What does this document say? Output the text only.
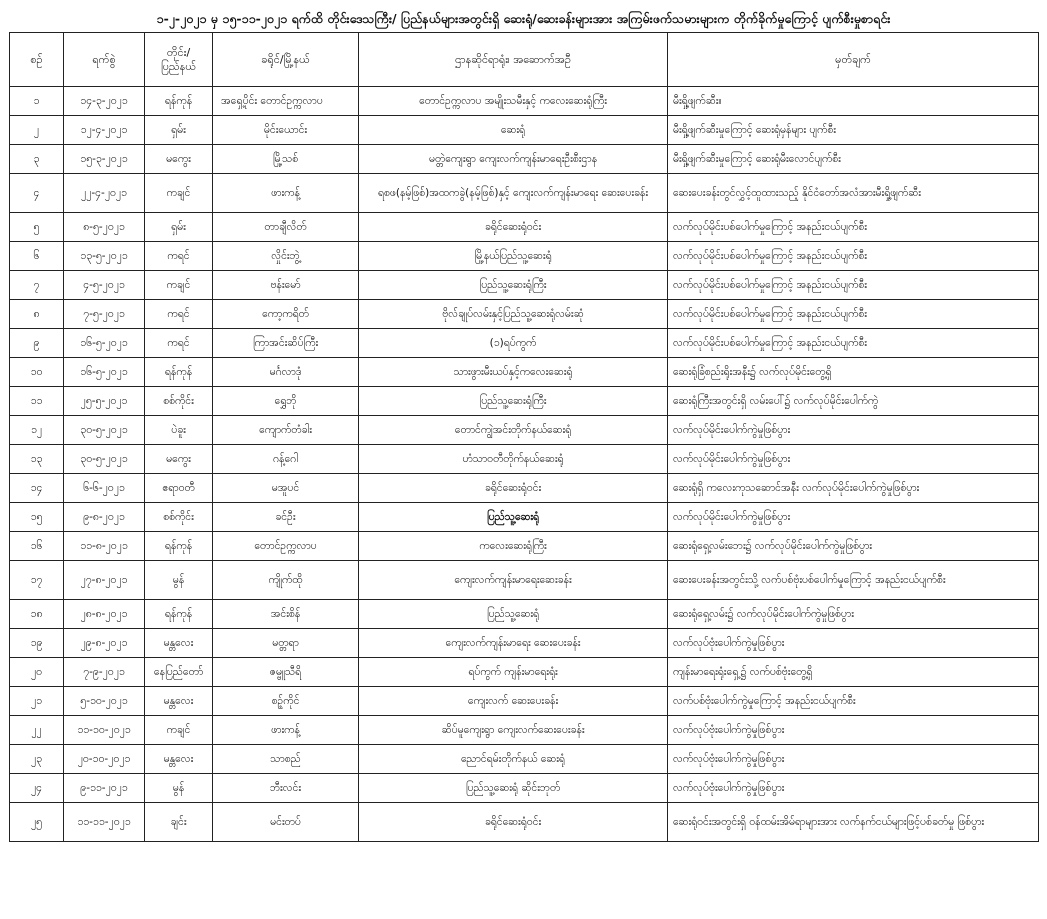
၁-၂-၂၀၂၁ မှ ၁၅-၁၁-၂၀၂၁ ရက်ထိ တိုင်းဒေသကြီး/ ပြည်နယ်များအတွင်းရှိ ဆေးရုံ/ဆေးခန်းများအား အကြမ်းဖက်သမားများက တိုက်ခိုက်မှုကြောင့် ပျက်စီးမှုစာရင်း
စဉ်	ရက်စွဲ	တိုင်း/ ပြည်နယ်	ခရိုင်/မြို့နယ်	ဌာနဆိုင်ရာရုံး၊ အဆောက်အဦ	မှတ်ချက်
၁	၁၄-၃-၂၀၂၁	ရန်ကုန်	အရှေ့ပိုင်း တောင်ဥက္ကလာပ	တောင်ဥက္ကလာပ အမျိုးသမီးနှင့် ကလေးဆေးရုံကြီး	မီးရှို့ဖျက်ဆီး။
၂	၁၂-၄-၂၀၂၁	ရှမ်း	မိုင်းယောင်း	ဆေးရုံ	မီးရှို့ဖျက်ဆီးမှုကြောင့် ဆေးရုံမှန်များ ပျက်စီး
၃	၁၅-၃-၂၀၂၁	မကွေး	မြို့သစ်	မတ္တဲကျေးရွာ ကျေးလက်ကျန်းမာရေးဦးစီးဌာန	မီးရှို့ဖျက်ဆီးမှုကြောင့် ဆေးရုံမီးလောင်ပျက်စီး
၄	၂၂-၄-၂၀၂၁	ကချင်	ဖားကန့်	ရစဖ(နမ့်ဖြစ်)အထကခွဲ(နမ့်ဖြစ်)နှင့် ကျေးလက်ကျန်းမာရေး ဆေးပေးခန်း	ဆေးပေးခန်းတွင်လွှင့်ထူထားသည့် နိုင်ငံတော်အလံအားမီးရှို့ဖျက်ဆီး
၅	၈-၅-၂၀၂၁	ရှမ်း	တာချီလိတ်	ခရိုင်ဆေးရုံဝင်း	လက်လုပ်မိုင်းပစ်ပေါက်မှုကြောင့် အနည်းငယ်ပျက်စီး
၆	၁၃-၅-၂၀၂၁	ကရင်	လှိုင်းဘွဲ့	မြို့နယ်ပြည်သူ့ဆေးရုံ	လက်လုပ်မိုင်းပစ်ပေါက်မှုကြောင့် အနည်းငယ်ပျက်စီး
၇	၄-၅-၂၀၂၁	ကချင်	ဗန်းမော်	ပြည်သူ့ဆေးရုံကြီး	လက်လုပ်မိုင်းပစ်ပေါက်မှုကြောင့် အနည်းငယ်ပျက်စီး
၈	၇-၅-၂၀၂၁	ကရင်	ကော့ကရိတ်	ဗိုလ်ချုပ်လမ်းနှင့်ပြည်သူ့ဆေးရုံလမ်းဆုံ	လက်လုပ်မိုင်းပစ်ပေါက်မှုကြောင့် အနည်းငယ်ပျက်စီး
၉	၁၆-၅-၂၀၂၁	ကရင်	ကြာအင်းဆိပ်ကြီး	(၁)ရပ်ကွက်	လက်လုပ်မိုင်းပစ်ပေါက်မှုကြောင့် အနည်းငယ်ပျက်စီး
၁၀	၁၆-၅-၂၀၂၁	ရန်ကုန်	မင်္ဂလာဒုံ	သားဖွားမီးယပ်နှင့်ကလေးဆေးရုံ	ဆေးရုံခြံစည်းရိုးအနီး၌ လက်လုပ်မိုင်းတွေ့ရှိ
၁၁	၂၅-၅-၂၀၂၁	စစ်ကိုင်း	ရွှေဘို	ပြည်သူ့ဆေးရုံကြီး	ဆေးရုံကြီးအတွင်းရှိ လမ်းပေါ်၌ လက်လုပ်မိုင်းပေါက်ကွဲ
၁၂	၃၀-၅-၂၀၂၁	ပဲခူး	ကျောက်တံခါး	တောင်ကျွဲအင်းတိုက်နယ်ဆေးရုံ	လက်လုပ်မိုင်းပေါက်ကွဲမှုဖြစ်ပွား
၁၃	၃၀-၅-၂၀၂၁	မကွေး	ဂန့်ဂေါ	ဟံသာဝတီတိုက်နယ်ဆေးရုံ	လက်လုပ်မိုင်းပေါက်ကွဲမှုဖြစ်ပွား
၁၄	၆-၆-၂၀၂၁	ဧရာဝတီ	မအူပင်	ခရိုင်ဆေးရုံဝင်း	ဆေးရုံရှိ ကလေးကုသဆောင်အနီး လက်လုပ်မိုင်းပေါက်ကွဲမှုဖြစ်ပွား
၁၅	၉-၈-၂၀၂၁	စစ်ကိုင်း	ခင်ဦး	ပြည်သူ့ဆေးရုံ	လက်လုပ်မိုင်းပေါက်ကွဲမှုဖြစ်ပွား
၁၆	၁၁-၈-၂၀၂၁	ရန်ကုန်	တောင်ဥက္ကလာပ	ကလေးဆေးရုံကြီး	ဆေးရုံရှေ့လမ်းဘေး၌ လက်လုပ်မိုင်းပေါက်ကွဲမှုဖြစ်ပွား
၁၇	၂၇-၈-၂၀၂၁	မွန်	ကျိုက်ထို	ကျေးလက်ကျန်းမာရေးဆေးခန်း	ဆေးပေးခန်းအတွင်းသို့ လက်ပစ်ဗုံးပစ်ပေါက်မှုကြောင့် အနည်းငယ်ပျက်စီး
၁၈	၂၈-၈-၂၀၂၁	ရန်ကုန်	အင်းစိန်	ပြည်သူ့ဆေးရုံ	ဆေးရုံရှေ့လမ်း၌ လက်လုပ်မိုင်းပေါက်ကွဲမှုဖြစ်ပွား
၁၉	၂၉-၈-၂၀၂၁	မန္တလေး	မတ္တရာ	ကျေးလက်ကျန်းမာရေး ဆေးပေးခန်း	လက်လုပ်ဗုံးပေါက်ကွဲမှုဖြစ်ပွား
၂၀	၇-၉-၂၀၂၁	နေပြည်တော်	ဇမ္ဗူသီရိ	ရပ်ကွက် ကျန်းမာရေးရုံး	ကျန်းမာရေးရုံးရှေ့၌ လက်ပစ်ဗုံးတွေ့ရှိ
၂၁	၅-၁၀-၂၀၂၁	မန္တလေး	စဉ့်ကိုင်	ကျေးလက် ဆေးပေးခန်း	လက်ပစ်ဗုံးပေါက်ကွဲမှုကြောင့် အနည်းငယ်ပျက်စီး
၂၂	၁၁-၁၀-၂၀၂၁	ကချင်	ဖားကန့်	ဆိပ်မူကျေးရွာ ကျေးလက်ဆေးပေးခန်း	လက်လုပ်ဗုံးပေါက်ကွဲမှုဖြစ်ပွား
၂၃	၂၀-၁၀-၂၀၂၁	မန္တလေး	သာစည်	ညောင်ရမ်းတိုက်နယ် ဆေးရုံ	လက်လုပ်ဗုံးပေါက်ကွဲမှုဖြစ်ပွား
၂၄	၉-၁၁-၂၀၂၁	မွန်	ဘီးလင်း	ပြည်သူ့ဆေးရုံ ဆိုင်းဘုတ်	လက်လုပ်ဗုံးပေါက်ကွဲမှုဖြစ်ပွား
၂၅	၁၁-၁၁-၂၀၂၁	ချင်း	မင်းတပ်	ခရိုင်ဆေးရုံဝင်း	ဆေးရုံဝင်းအတွင်းရှိ ဝန်ထမ်းအိမ်ရာများအား လက်နက်ငယ်များဖြင့်ပစ်ခတ်မှု ဖြစ်ပွား
